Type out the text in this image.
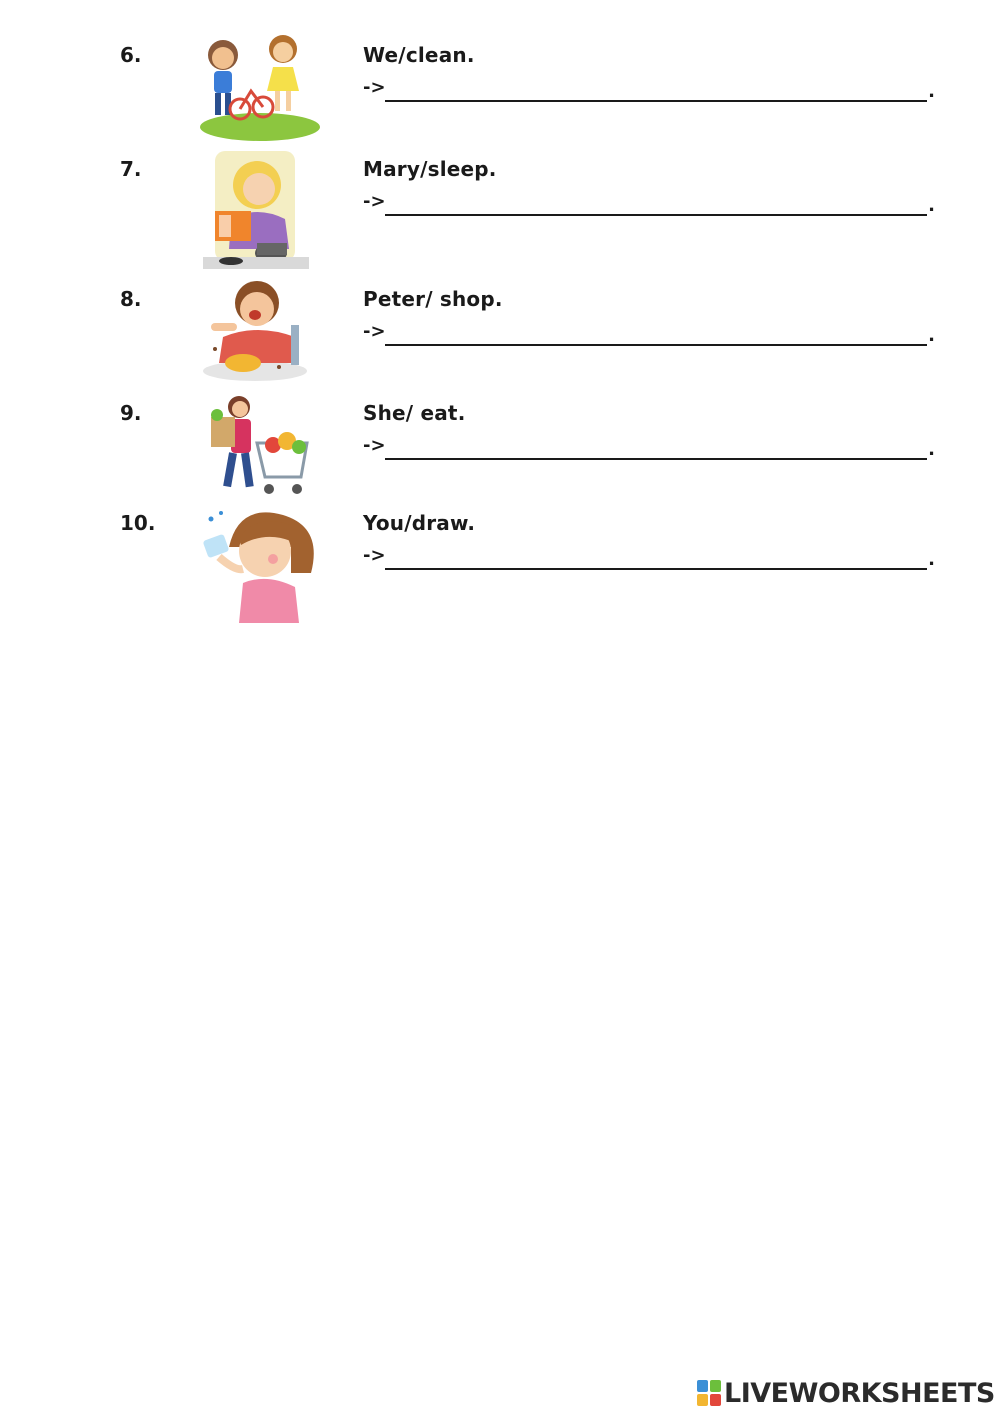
6.	We/clean.
->	.
7.	Mary/sleep.
->	.
8.	Peter/ shop.
->	.
9.	She/ eat.
->	.
10.	You/draw.
->	.
LIVEWORKSHEETS
